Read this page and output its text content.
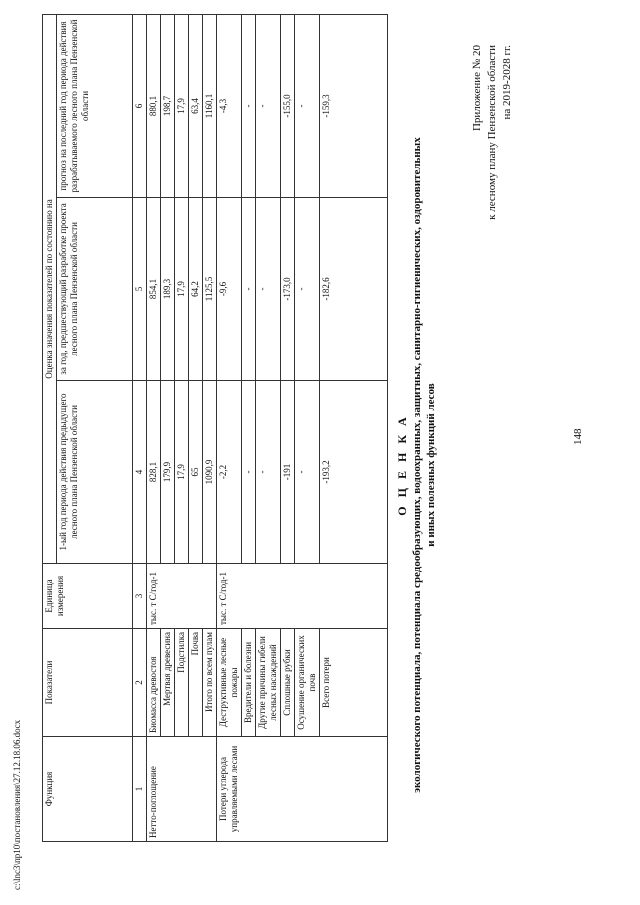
148
Приложение № 20 к лесному плану Пензенской области на 2019-2028 гг.
О Ц Е Н К А экологического потенциала, потенциала средообразующих, водоохранных, защитных, санитарно-гигиенических, оздоровительных и иных полезных функций лесов
Функция	Показатели	Единица измерения	Оценка значения показателей по состоянию на		
			1-ый год периода действия предыдущего лесного плана Пензенской области	за год, предшествующий разработке проекта лесного плана Пензенской области	прогноз на последний год периода действия разрабатываемого лесного плана Пензенской области
1	2	3	4	5	6
Нетто-поглощение	Биомасса древостоя	тыс. т С/год-1	828,1	854,1	880,1
	Мертвая древесина		179,9	189,3	198,7
	Подстилка		17,9	17,9	17,9
	Почва		65	64,2	63,4
	Итого по всем пулам		1090,9	1125,5	1160,1
Потери углерода управляемыми лесами	Деструктивные лесные пожары	тыс. т С/год-1	-2,2	-9,6	-4,3
	Вредители и болезни		-	-	-
	Другие причины гибели лесных насаждений		-	-	-
	Сплошные рубки		-191	-173,0	-155,0
	Осушение органических почв		-	-	-
	Всего потери		-193,2	-182,6	-159,3
c:\lnc3\пр10\постановления\27.12.18.06.docx
